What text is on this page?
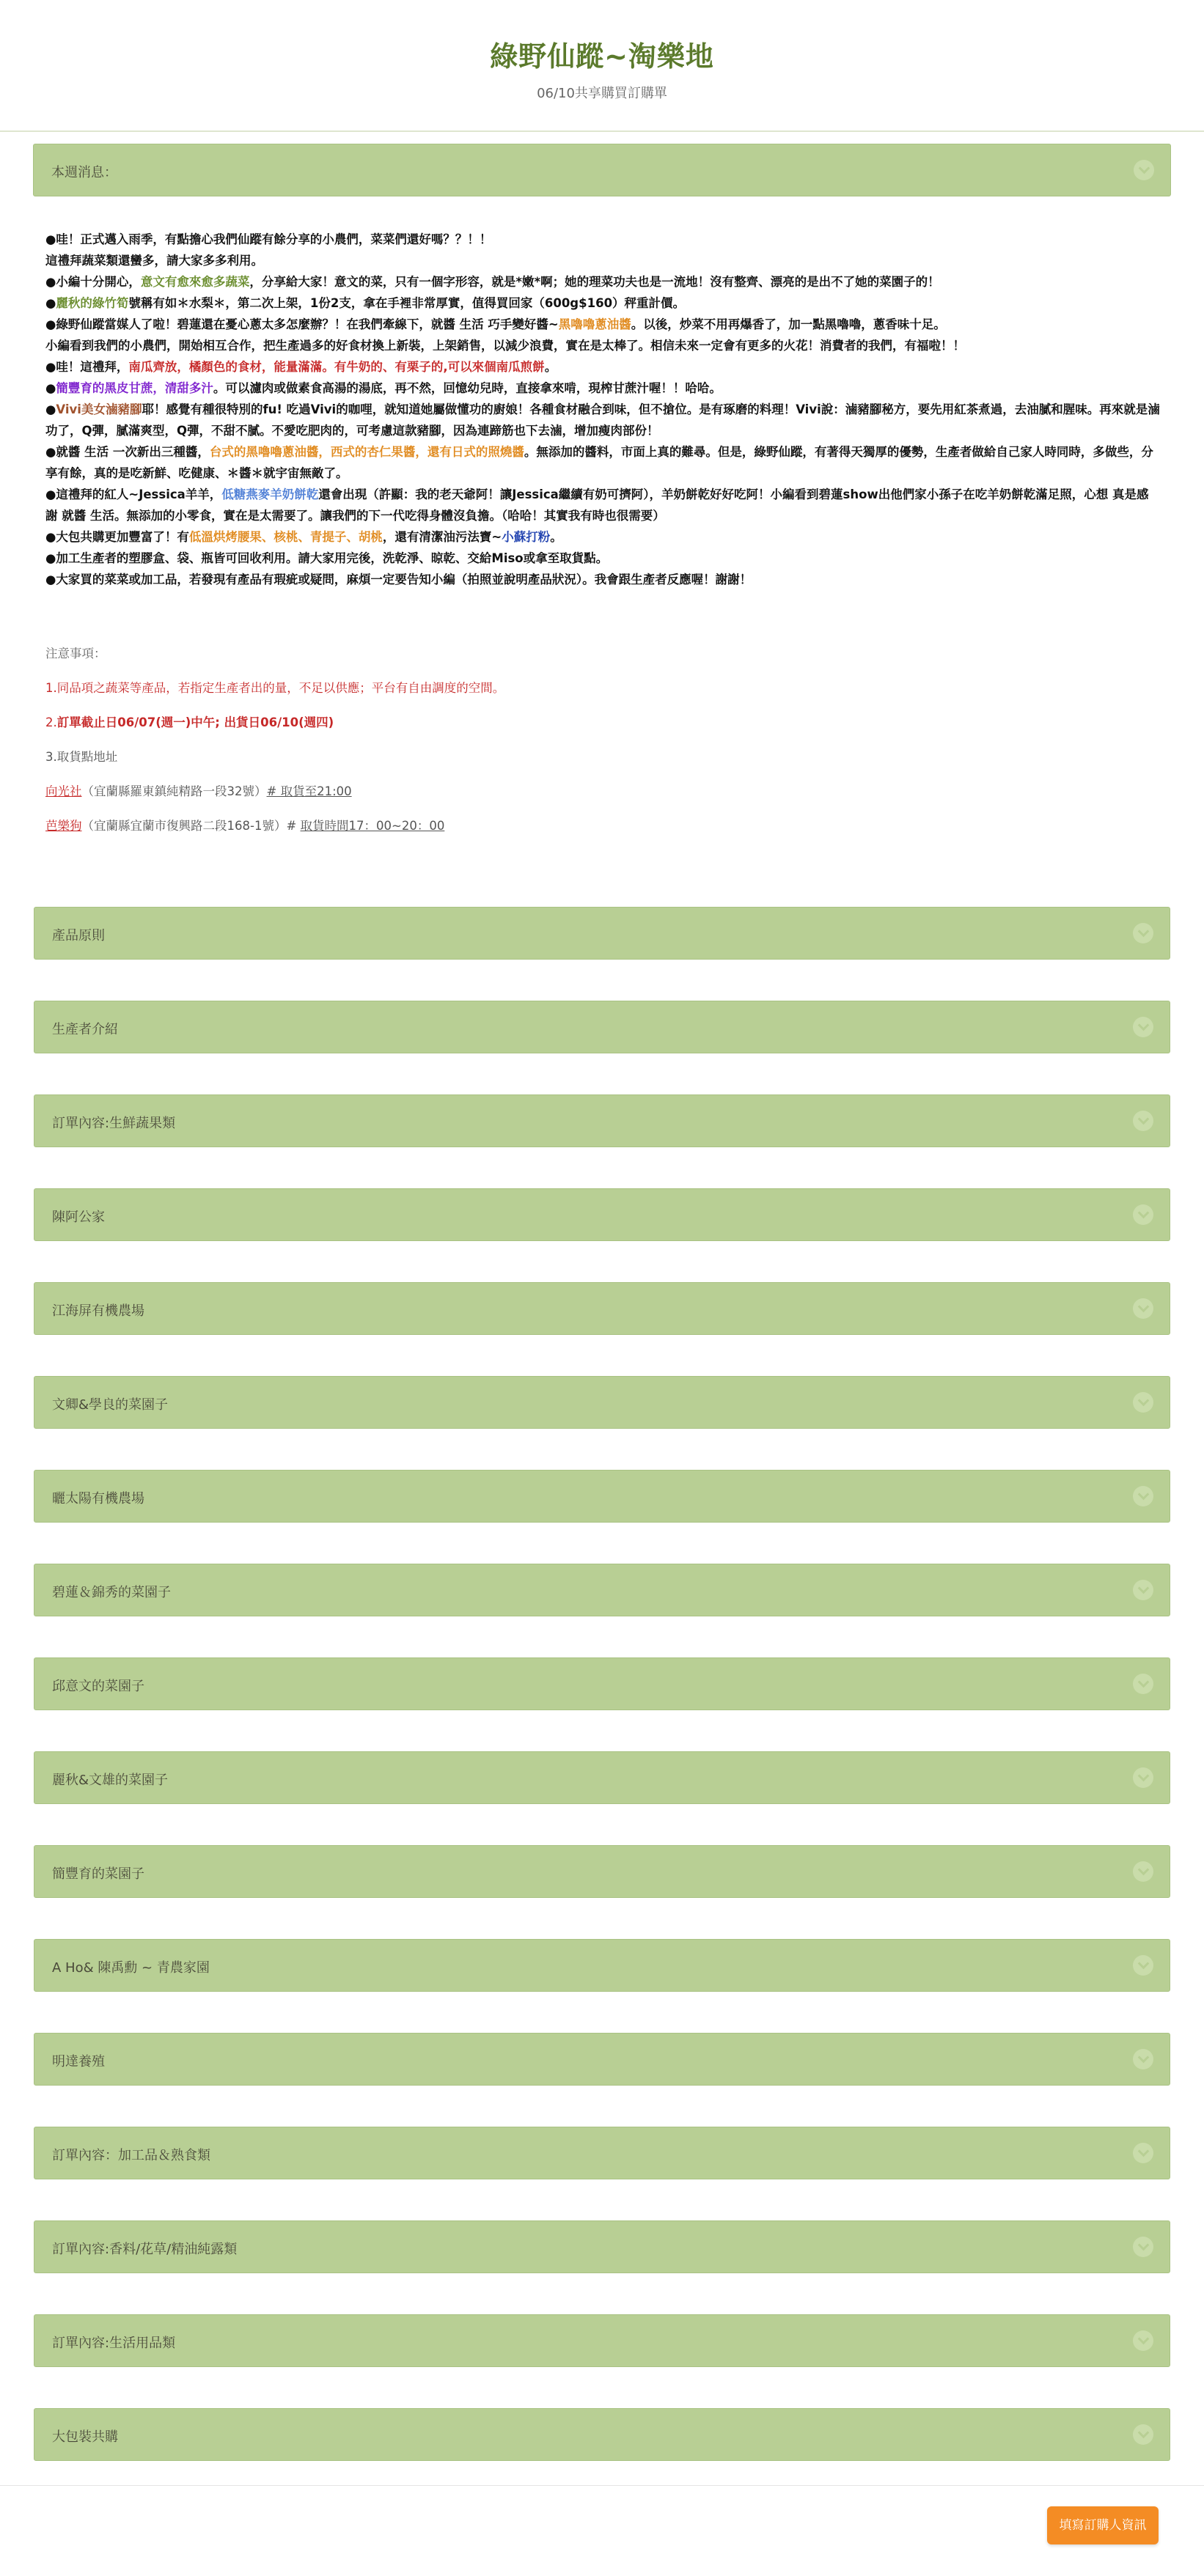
綠野仙蹤~淘樂地
06/10共享購買訂購單
本週消息：

●哇！正式邁入雨季，有點擔心我們仙蹤有餘分享的小農們，菜菜們還好嗎？？！！

這禮拜蔬菜類還蠻多，請大家多多利用。

●小編十分開心，意文有愈來愈多蔬菜，分享給大家！意文的菜，只有一個字形容，就是*嫩*啊；她的理菜功夫也是一流地！沒有整齊、漂亮的是出不了她的菜園子的！

●麗秋的綠竹筍號稱有如＊水梨＊，第二次上架，1份2支，拿在手裡非常厚實，值得買回家（600g$160）秤重計價。

●綠野仙蹤當媒人了啦！碧蓮還在憂心蔥太多怎麼辦？！在我們牽線下，就醬 生活 巧手變好醬~黑嚕嚕蔥油醬。以後，炒菜不用再爆香了，加一點黑嚕嚕，蔥香味十足。

小編看到我們的小農們，開始相互合作，把生產過多的好食材換上新裝，上架銷售，以減少浪費，實在是太棒了。相信未來一定會有更多的火花！消費者的我們，有福啦！！

●哇！這禮拜，南瓜齊放，橘顏色的食材，能量滿滿。有牛奶的、有栗子的,可以來個南瓜煎餅。

●簡豐育的黑皮甘蔗，清甜多汁。可以濾肉或做素食高湯的湯底，再不然，回憶幼兒時，直接拿來啃，現榨甘蔗汁喔！！哈哈。

●Vivi美女滷豬腳耶！感覺有種很特別的fu! 吃過Vivi的咖哩，就知道她屬做懂功的廚娘！各種食材融合到味，但不搶位。是有琢磨的料理！Vivi說：滷豬腳秘方，要先用紅茶煮過，去油膩和腥味。再來就是滷功了，Q彈，膩滿爽型，Q彈，不甜不膩。不愛吃肥肉的，可考慮這款豬腳，因為連蹄筋也下去滷，增加瘦肉部份！

●就醬 生活 一次新出三種醬，台式的黑嚕嚕蔥油醬，西式的杏仁果醬，還有日式的照燒醬。無添加的醬料，市面上真的難尋。但是，綠野仙蹤，有著得天獨厚的優勢，生產者做給自己家人時同時，多做些，分享有餘，真的是吃新鮮、吃健康、＊醬＊就宇宙無敵了。

●這禮拜的紅人~Jessica羊羊，低糖燕麥羊奶餅乾還會出現（許顯：我的老天爺阿！讓Jessica繼續有奶可擠阿），羊奶餅乾好好吃阿！小編看到碧蓮show出他們家小孫子在吃羊奶餅乾滿足照，心想 真是感謝 就醬 生活。無添加的小零食，實在是太需要了。讓我們的下一代吃得身體沒負擔。（哈哈！其實我有時也很需要）

●大包共購更加豐富了！有低溫烘烤腰果、核桃、青提子、胡桃，還有清潔油污法寶~小蘇打粉。

●加工生產者的塑膠盒、袋、瓶皆可回收利用。請大家用完後，洗乾淨、晾乾、交給Miso或拿至取貨點。

●大家買的菜菜或加工品，若發現有產品有瑕疵或疑問，麻煩一定要告知小編（拍照並說明產品狀況）。我會跟生產者反應喔！謝謝！

注意事項：
1.同品項之蔬菜等產品，若指定生產者出的量，不足以供應；平台有自由調度的空間。
2.訂單截止日06/07(週一)中午; 出貨日06/10(週四)
3.取貨點地址
向光社（宜蘭縣羅東鎮純精路一段32號）# 取貨至21:00
芭樂狗（宜蘭縣宜蘭市復興路二段168-1號）# 取貨時間17：00~20：00
產品原則
生產者介紹
訂單內容:生鮮蔬果類
陳阿公家
江海屏有機農場
文卿&學良的菜園子
曬太陽有機農場
碧蓮＆錦秀的菜園子
邱意文的菜園子
麗秋&文雄的菜園子
簡豐育的菜園子
A Ho& 陳禹勳 ~ 青農家園
明達養殖
訂單內容：加工品＆熟食類
訂單內容:香料/花草/精油純露類
訂單內容:生活用品類
大包裝共購
填寫訂購人資訊
